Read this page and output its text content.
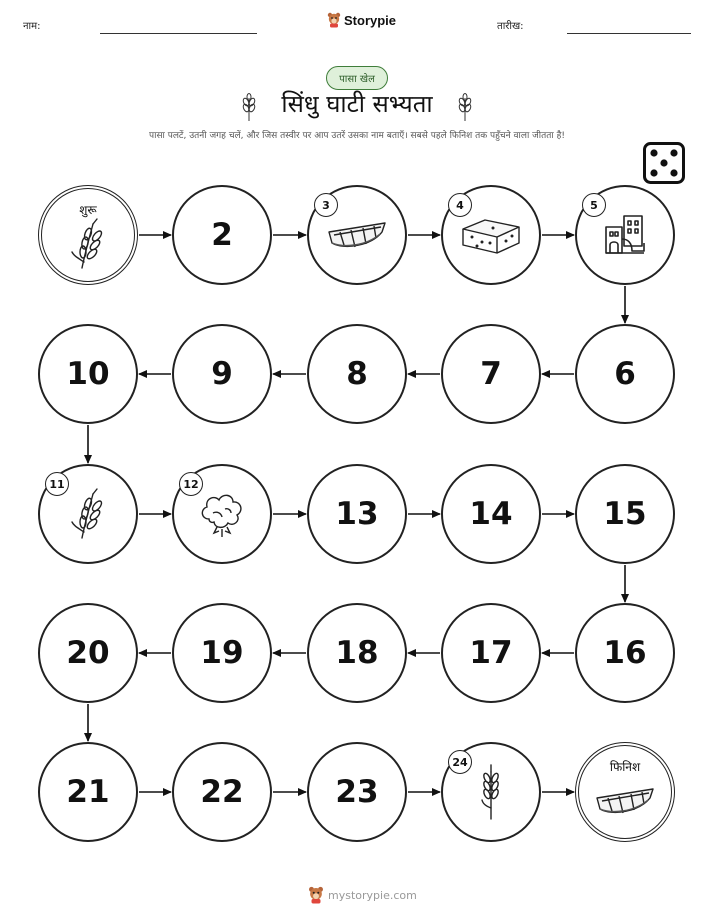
नाम:	Storypie	तारीख:
पासा खेल
सिंधु घाटी सभ्यता
पासा पलटें, उतनी जगह चलें, और जिस तस्वीर पर आप उतरें उसका नाम बताएँ। सबसे पहले फिनिश तक पहुँचने वाला जीतता है!
शुरू
2
3	4	5
6
7
8
9
10
11	12
13	14	15
16
17
18
19
20
21	22	23
24	फिनिश
mystorypie.com
